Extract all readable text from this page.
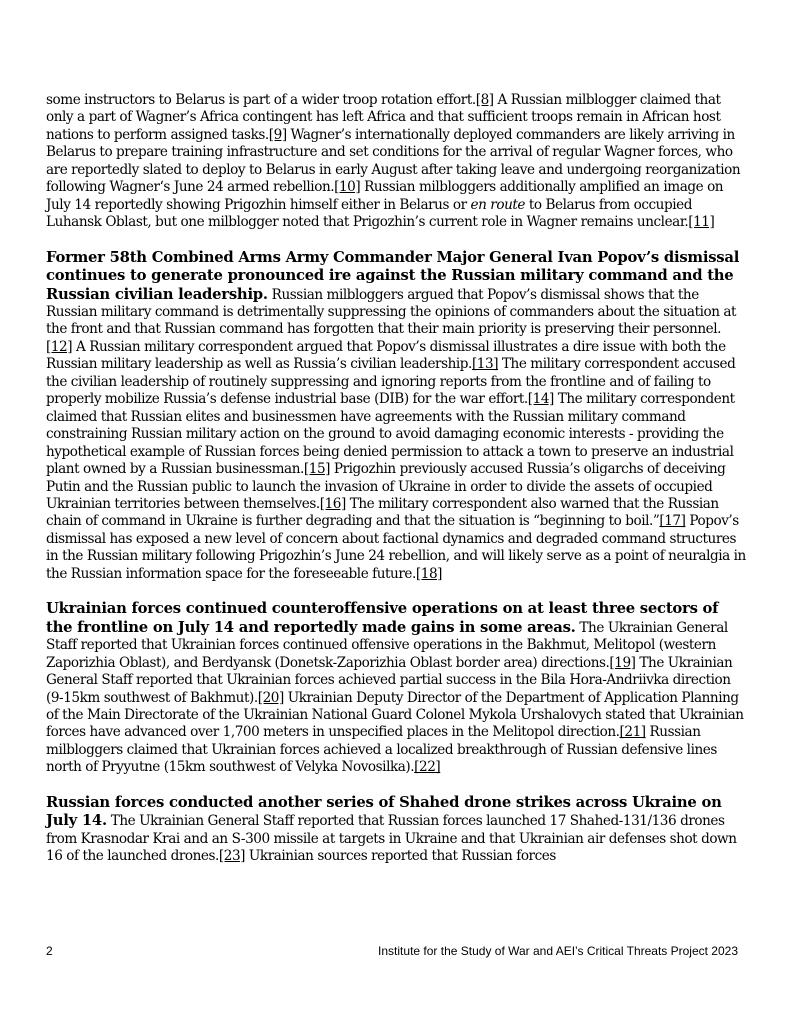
some instructors to Belarus is part of a wider troop rotation effort.[8] A Russian milblogger claimed that only a part of Wagner’s Africa contingent has left Africa and that sufficient troops remain in African host nations to perform assigned tasks.[9] Wagner’s internationally deployed commanders are likely arriving in Belarus to prepare training infrastructure and set conditions for the arrival of regular Wagner forces, who are reportedly slated to deploy to Belarus in early August after taking leave and undergoing reorganization following Wagner‘s June 24 armed rebellion.[10] Russian milbloggers additionally amplified an image on July 14 reportedly showing Prigozhin himself either in Belarus or en route to Belarus from occupied Luhansk Oblast, but one milblogger noted that Prigozhin’s current role in Wagner remains unclear.[11]

Former 58th Combined Arms Army Commander Major General Ivan Popov’s dismissal continues to generate pronounced ire against the Russian military command and the Russian civilian leadership. Russian milbloggers argued that Popov’s dismissal shows that the Russian military command is detrimentally suppressing the opinions of commanders about the situation at the front and that Russian command has forgotten that their main priority is preserving their personnel.[12] A Russian military correspondent argued that Popov’s dismissal illustrates a dire issue with both the Russian military leadership as well as Russia’s civilian leadership.[13] The military correspondent accused the civilian leadership of routinely suppressing and ignoring reports from the frontline and of failing to properly mobilize Russia’s defense industrial base (DIB) for the war effort.[14] The military correspondent claimed that Russian elites and businessmen have agreements with the Russian military command constraining Russian military action on the ground to avoid damaging economic interests - providing the hypothetical example of Russian forces being denied permission to attack a town to preserve an industrial plant owned by a Russian businessman.[15] Prigozhin previously accused Russia’s oligarchs of deceiving Putin and the Russian public to launch the invasion of Ukraine in order to divide the assets of occupied Ukrainian territories between themselves.[16] The military correspondent also warned that the Russian chain of command in Ukraine is further degrading and that the situation is “beginning to boil.”[17] Popov’s dismissal has exposed a new level of concern about factional dynamics and degraded command structures in the Russian military following Prigozhin’s June 24 rebellion, and will likely serve as a point of neuralgia in the Russian information space for the foreseeable future.[18]

Ukrainian forces continued counteroffensive operations on at least three sectors of the frontline on July 14 and reportedly made gains in some areas. The Ukrainian General Staff reported that Ukrainian forces continued offensive operations in the Bakhmut, Melitopol (western Zaporizhia Oblast), and Berdyansk (Donetsk-Zaporizhia Oblast border area) directions.[19] The Ukrainian General Staff reported that Ukrainian forces achieved partial success in the Bila Hora-Andriivka direction (9-15km southwest of Bakhmut).[20] Ukrainian Deputy Director of the Department of Application Planning of the Main Directorate of the Ukrainian National Guard Colonel Mykola Urshalovych stated that Ukrainian forces have advanced over 1,700 meters in unspecified places in the Melitopol direction.[21] Russian milbloggers claimed that Ukrainian forces achieved a localized breakthrough of Russian defensive lines north of Pryyutne (15km southwest of Velyka Novosilka).[22]

Russian forces conducted another series of Shahed drone strikes across Ukraine on July 14. The Ukrainian General Staff reported that Russian forces launched 17 Shahed-131/136 drones from Krasnodar Krai and an S-300 missile at targets in Ukraine and that Ukrainian air defenses shot down 16 of the launched drones.[23] Ukrainian sources reported that Russian forces

2	Institute for the Study of War and AEI’s Critical Threats Project 2023
